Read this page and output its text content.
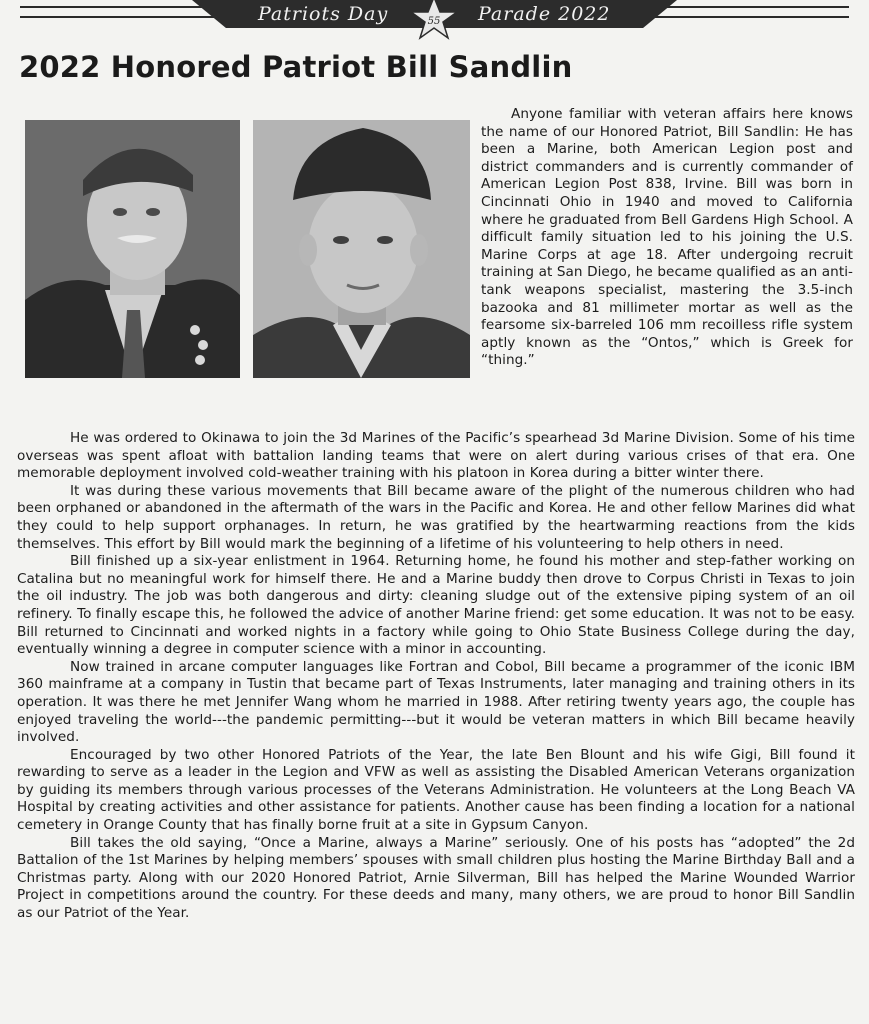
Patriots Day	Parade 2022
55
2022 Honored Patriot Bill Sandlin

Anyone familiar with veteran affairs here knows the name of our Honored Patriot, Bill Sandlin: He has been a Marine, both American Legion post and district commanders and is currently commander of American Legion Post 838, Irvine. Bill was born in Cincinnati Ohio in 1940 and moved to California where he graduated from Bell Gardens High School. A difficult family situation led to his joining the U.S. Marine Corps at age 18. After undergoing recruit training at San Diego, he became qualified as an anti-tank weapons specialist, mastering the 3.5-inch bazooka and 81 millimeter mortar as well as the fearsome six-barreled 106 mm recoilless rifle system aptly known as the “Ontos,” which is Greek for “thing.”

He was ordered to Okinawa to join the 3d Marines of the Pacific’s spearhead 3d Marine Division. Some of his time overseas was spent afloat with battalion landing teams that were on alert during various crises of that era. One memorable deployment involved cold-weather training with his platoon in Korea during a bitter winter there.

It was during these various movements that Bill became aware of the plight of the numerous children who had been orphaned or abandoned in the aftermath of the wars in the Pacific and Korea. He and other fellow Marines did what they could to help support orphanages. In return, he was gratified by the heartwarming reactions from the kids themselves. This effort by Bill would mark the beginning of a lifetime of his volunteering to help others in need.

Bill finished up a six-year enlistment in 1964. Returning home, he found his mother and step-father working on Catalina but no meaningful work for himself there. He and a Marine buddy then drove to Corpus Christi in Texas to join the oil industry. The job was both dangerous and dirty: cleaning sludge out of the extensive piping system of an oil refinery. To finally escape this, he followed the advice of another Marine friend: get some education. It was not to be easy. Bill returned to Cincinnati and worked nights in a factory while going to Ohio State Business College during the day, eventually winning a degree in computer science with a minor in accounting.

Now trained in arcane computer languages like Fortran and Cobol, Bill became a programmer of the iconic IBM 360 mainframe at a company in Tustin that became part of Texas Instruments, later managing and training others in its operation. It was there he met Jennifer Wang whom he married in 1988. After retiring twenty years ago, the couple has enjoyed traveling the world---the pandemic permitting---but it would be veteran matters in which Bill became heavily involved.

Encouraged by two other Honored Patriots of the Year, the late Ben Blount and his wife Gigi, Bill found it rewarding to serve as a leader in the Legion and VFW as well as assisting the Disabled American Veterans organization by guiding its members through various processes of the Veterans Administration. He volunteers at the Long Beach VA Hospital by creating activities and other assistance for patients. Another cause has been finding a location for a national cemetery in Orange County that has finally borne fruit at a site in Gypsum Canyon.

Bill takes the old saying, “Once a Marine, always a Marine” seriously. One of his posts has “adopted” the 2d Battalion of the 1st Marines by helping members’ spouses with small children plus hosting the Marine Birthday Ball and a Christmas party. Along with our 2020 Honored Patriot, Arnie Silverman, Bill has helped the Marine Wounded Warrior Project in competitions around the country. For these deeds and many, many others, we are proud to honor Bill Sandlin as our Patriot of the Year.
